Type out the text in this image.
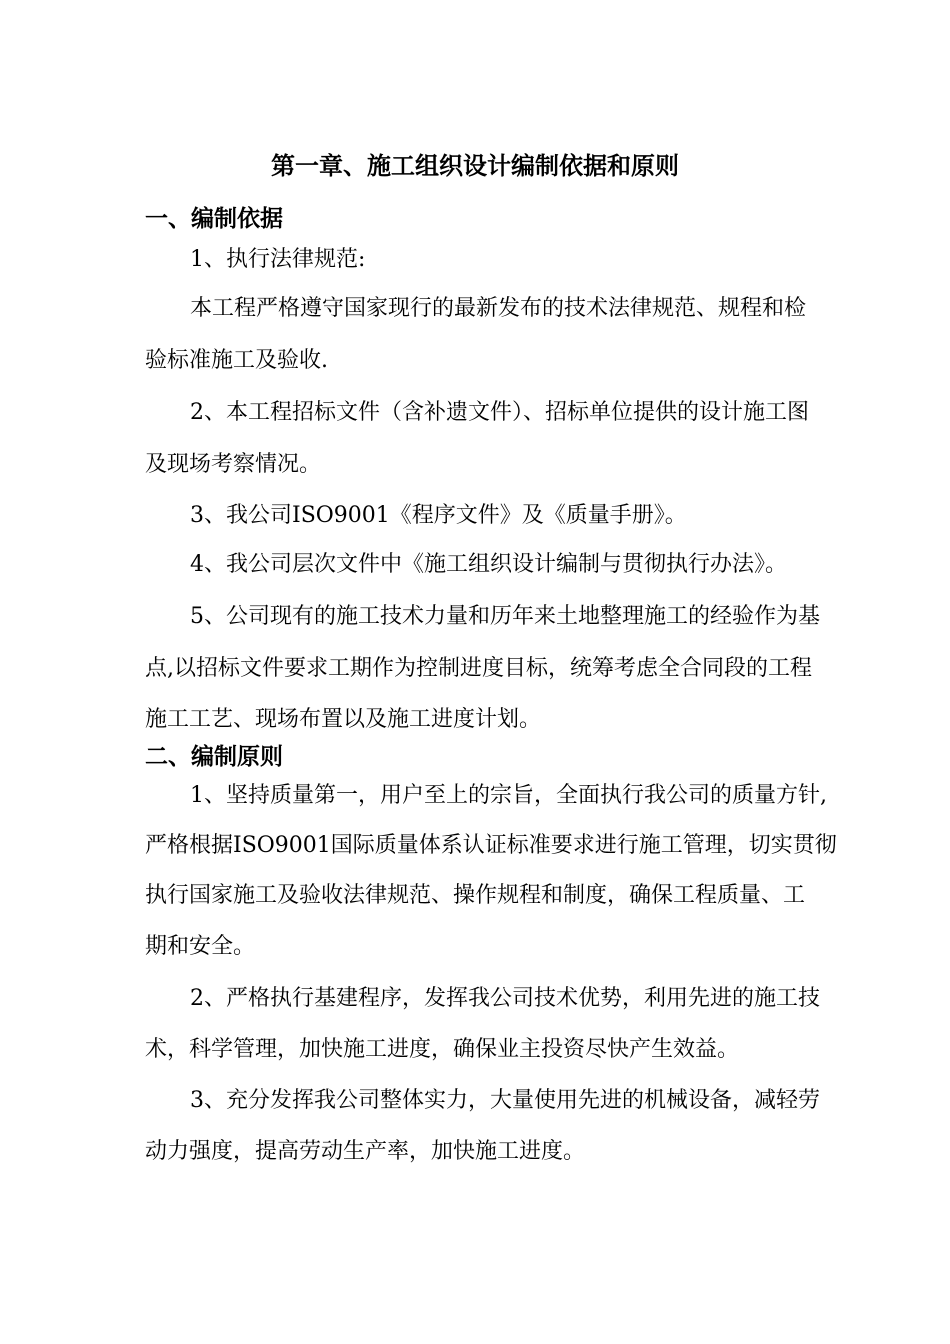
第一章、施工组织设计编制依据和原则
一、编制依据
1、执行法律规范:
本工程严格遵守国家现行的最新发布的技术法律规范、规程和检
验标准施工及验收.
2、本工程招标文件（含补遗文件）、招标单位提供的设计施工图
及现场考察情况。
3、我公司ISO9001《程序文件》及《质量手册》。
4、我公司层次文件中《施工组织设计编制与贯彻执行办法》。
5、公司现有的施工技术力量和历年来土地整理施工的经验作为基
点,以招标文件要求工期作为控制进度目标，统筹考虑全合同段的工程
施工工艺、现场布置以及施工进度计划。
二、编制原则
1、坚持质量第一，用户至上的宗旨，全面执行我公司的质量方针,
严格根据ISO9001国际质量体系认证标准要求进行施工管理，切实贯彻
执行国家施工及验收法律规范、操作规程和制度，确保工程质量、工
期和安全。
2、严格执行基建程序，发挥我公司技术优势，利用先进的施工技
术，科学管理，加快施工进度，确保业主投资尽快产生效益。
3、充分发挥我公司整体实力，大量使用先进的机械设备，减轻劳
动力强度，提高劳动生产率，加快施工进度。
